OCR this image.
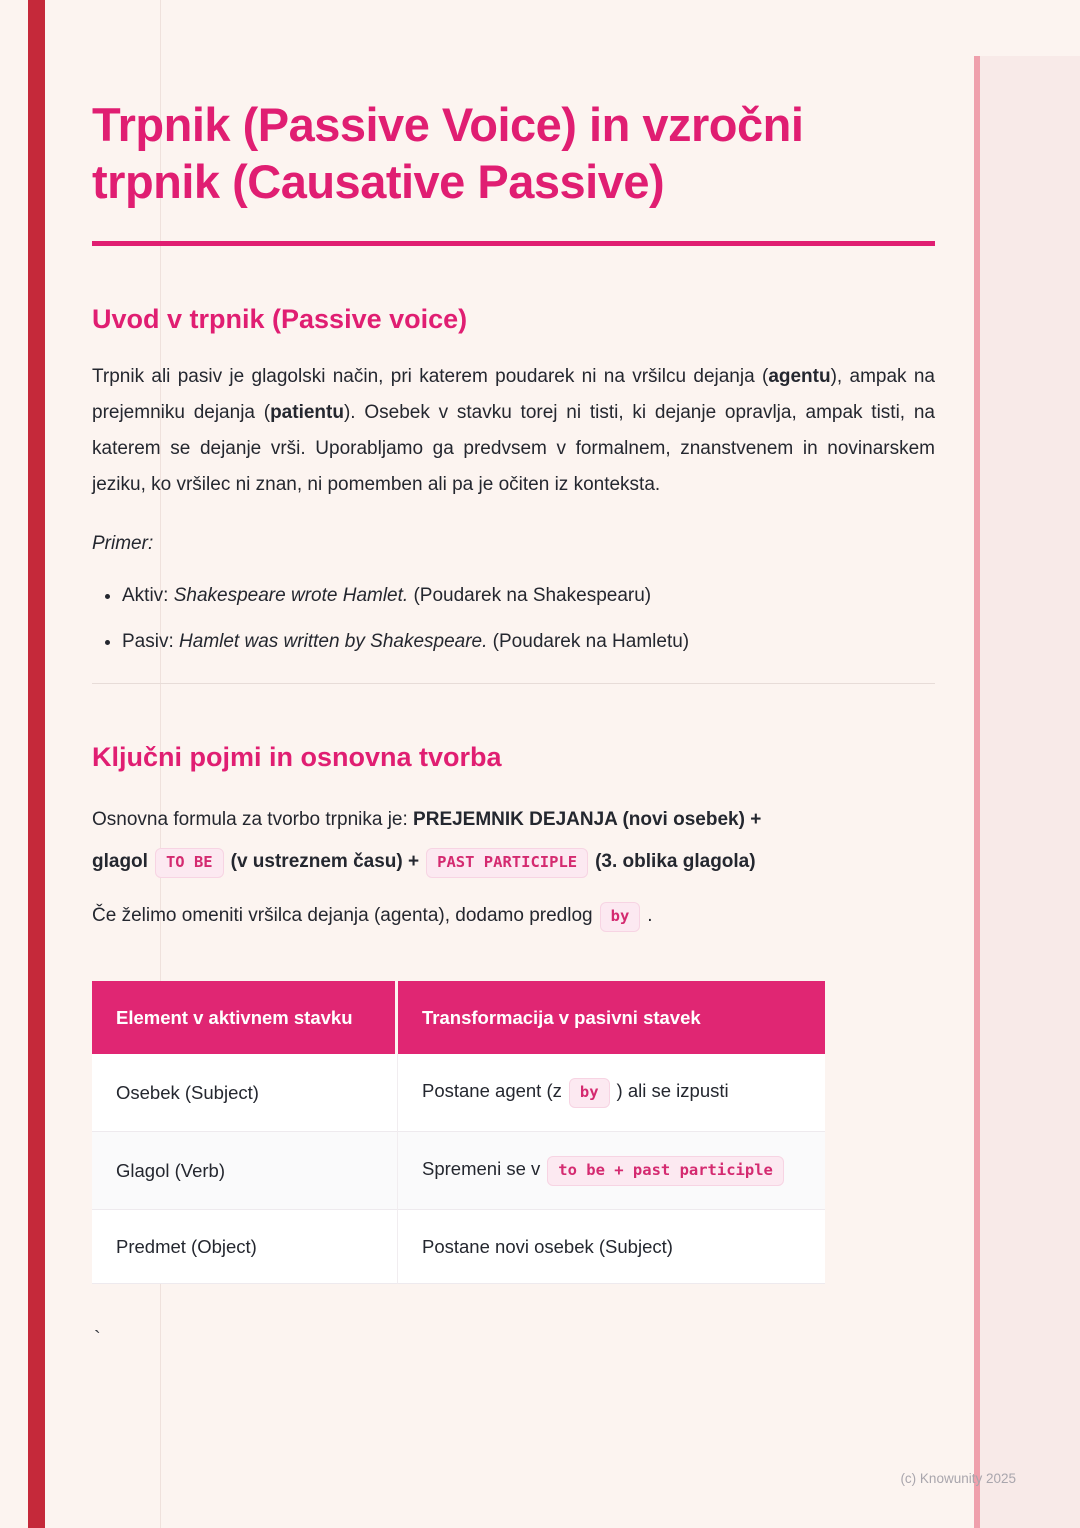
Trpnik (Passive Voice) in vzročni trpnik (Causative Passive)
Uvod v trpnik (Passive voice)

Trpnik ali pasiv je glagolski način, pri katerem poudarek ni na vršilcu dejanja (agentu), ampak na prejemniku dejanja (patientu). Osebek v stavku torej ni tisti, ki dejanje opravlja, ampak tisti, na katerem se dejanje vrši. Uporabljamo ga predvsem v formalnem, znanstvenem in novinarskem jeziku, ko vršilec ni znan, ni pomemben ali pa je očiten iz konteksta.

Primer:

• Aktiv: Shakespeare wrote Hamlet. (Poudarek na Shakespearu)
• Pasiv: Hamlet was written by Shakespeare. (Poudarek na Hamletu)
Ključni pojmi in osnovna tvorba

Osnovna formula za tvorbo trpnika je: PREJEMNIK DEJANJA (novi osebek) +
glagol TO BE (v ustreznem času) + PAST PARTICIPLE (3. oblika glagola)

Če želimo omeniti vršilca dejanja (agenta), dodamo predlog by .

Element v aktivnem stavku	Transformacija v pasivni stavek
Osebek (Subject)	Postane agent (z by ) ali se izpusti
Glagol (Verb)	Spremeni se v to be + past participle
Predmet (Object)	Postane novi osebek (Subject)

`

(c) Knowunity 2025
